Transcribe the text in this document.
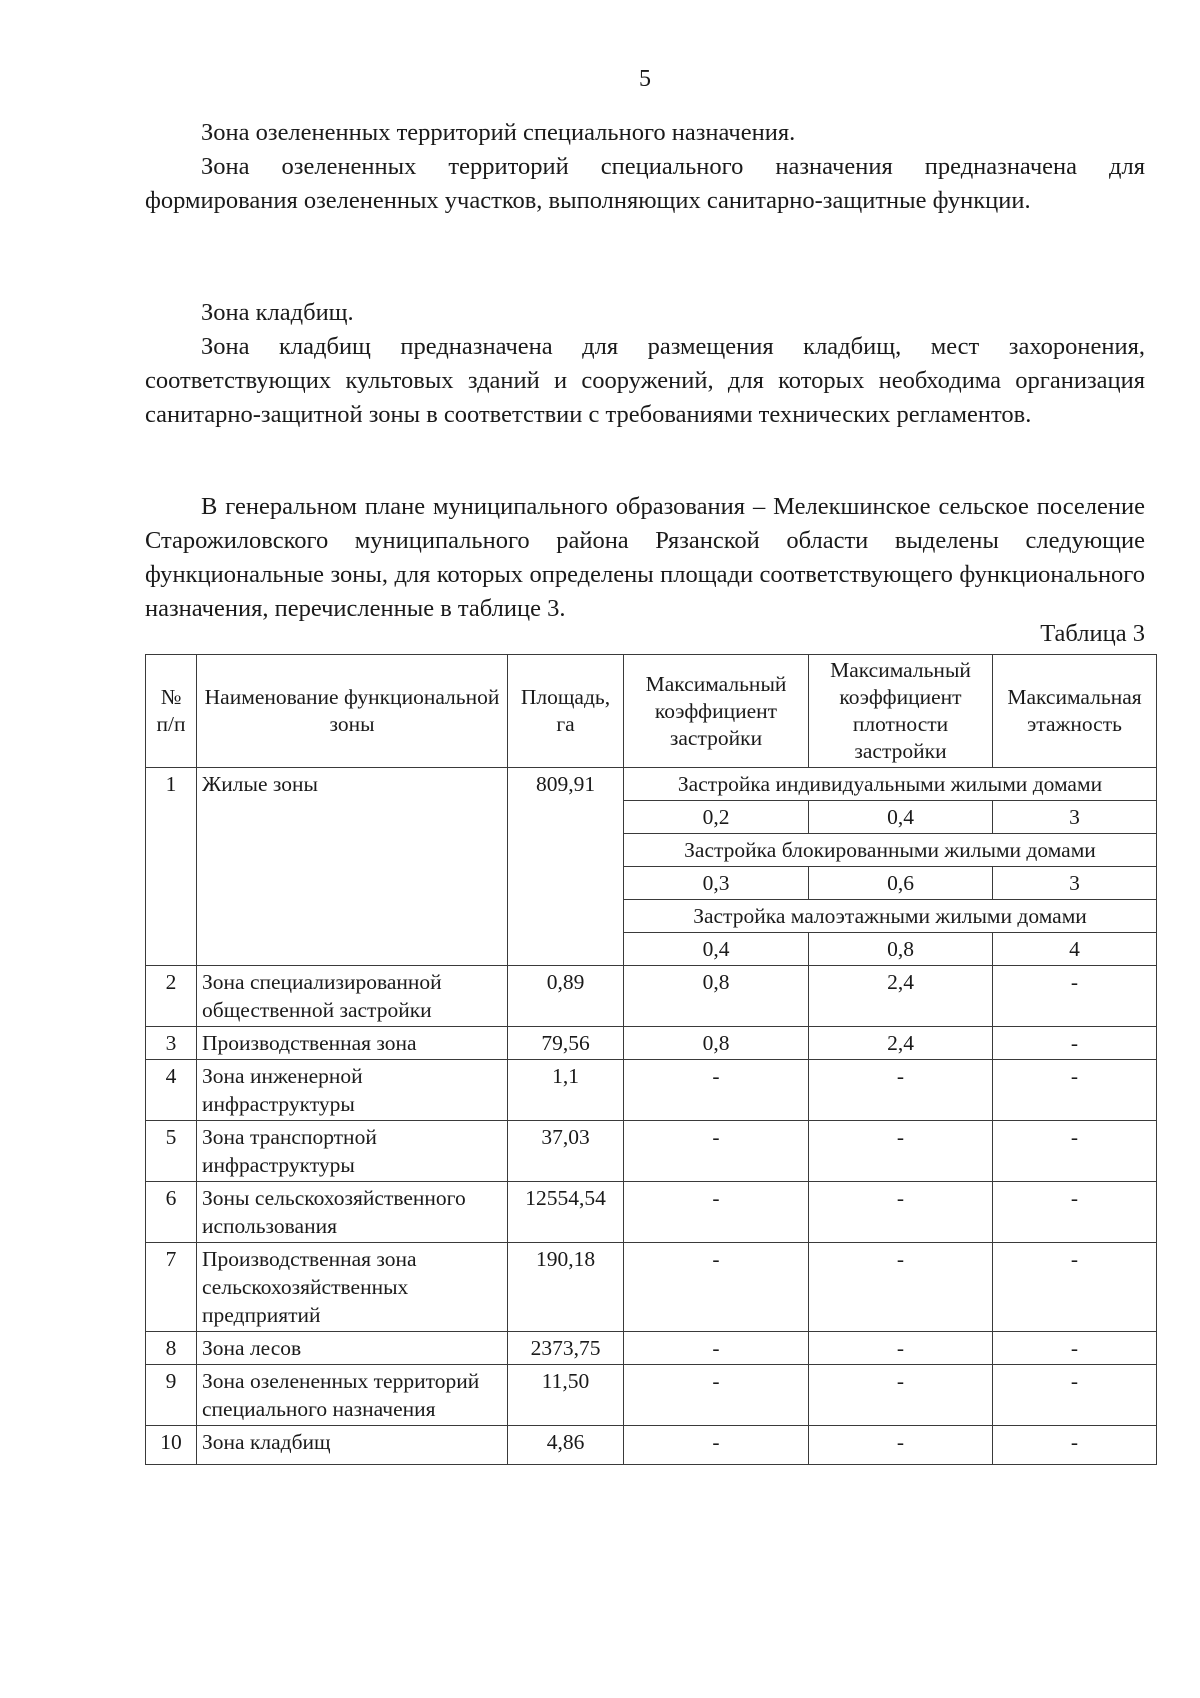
5

Зона озелененных территорий специального назначения.

Зона озелененных территорий специального назначения предназначена для формирования озелененных участков, выполняющих санитарно-защитные функции.

Зона кладбищ.

Зона кладбищ предназначена для размещения кладбищ, мест захоронения, соответствующих культовых зданий и сооружений, для которых необходима организация санитарно-защитной зоны в соответствии с требованиями технических регламентов.

В генеральном плане муниципального образования – Мелекшинское сельское поселение Старожиловского муниципального района Рязанской области выделены следующие функциональные зоны, для которых определены площади соответствующего функционального назначения, перечисленные в таблице 3.

Таблица 3
№ п/п	Наименование функциональной зоны	Площадь, га	Максимальный коэффициент застройки	Максимальный коэффициент плотности застройки	Максимальная этажность
1	Жилые зоны	809,91	Застройка индивидуальными жилыми домами		
			0,2	0,4	3
			Застройка блокированными жилыми домами		
			0,3	0,6	3
			Застройка малоэтажными жилыми домами		
			0,4	0,8	4
2	Зона специализированной общественной застройки	0,89	0,8	2,4	-
3	Производственная зона	79,56	0,8	2,4	-
4	Зона инженерной инфраструктуры	1,1	-	-	-
5	Зона транспортной инфраструктуры	37,03	-	-	-
6	Зоны сельскохозяйственного использования	12554,54	-	-	-
7	Производственная зона сельскохозяйственных предприятий	190,18	-	-	-
8	Зона лесов	2373,75	-	-	-
9	Зона озелененных территорий специального назначения	11,50	-	-	-
10	Зона кладбищ	4,86	-	-	-
